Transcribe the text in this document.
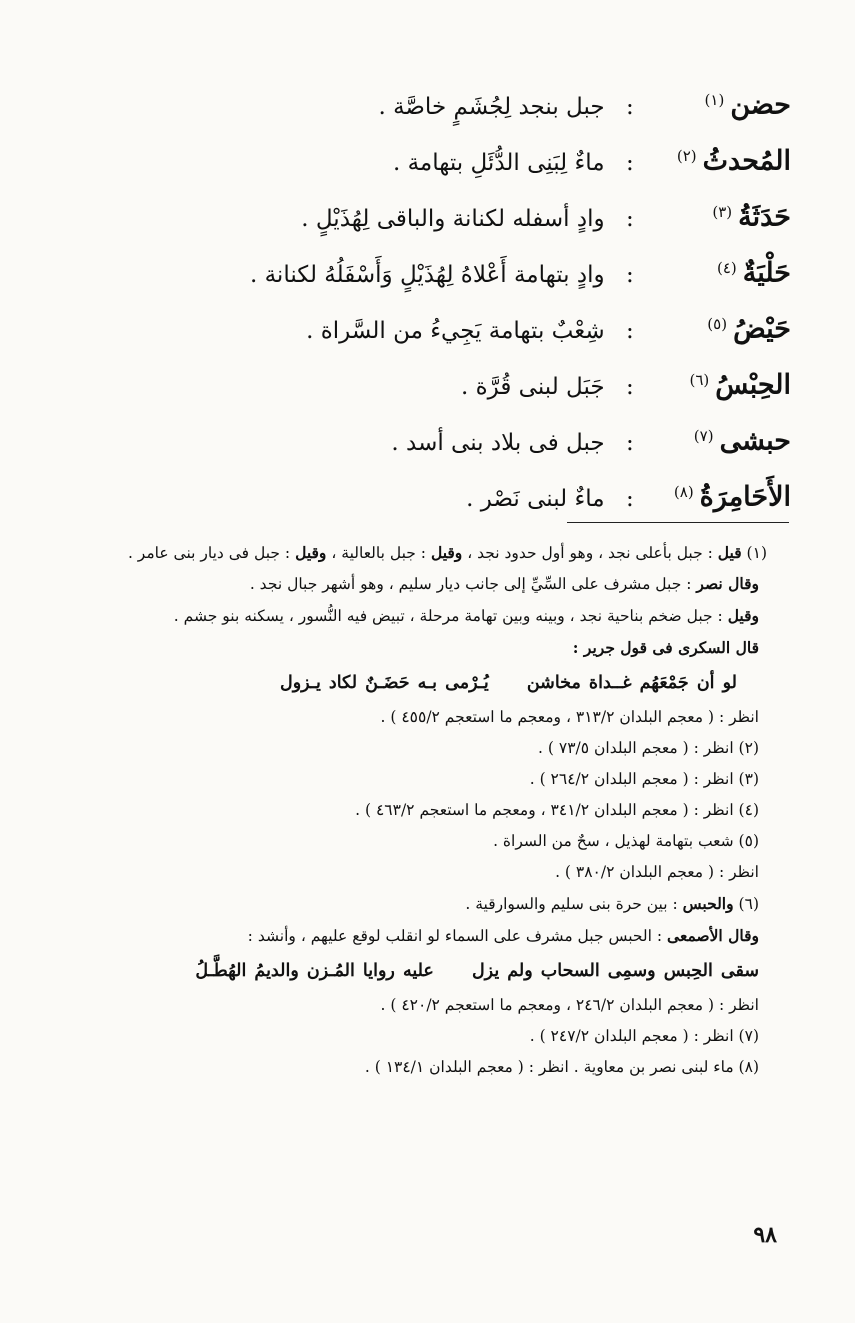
حضن$^{(١)}$ : جبل بنجد لِجُشَمٍ خاصَّة .
المُحدثُ$^{(٢)}$ : ماءٌ لِبَنِى الدُّئَلِ بتهامة .
حَدَثَةُ$^{(٣)}$ : وادٍ أسفله لكنانة والباقى لِهُذَيْلٍ .
حَلْيَةٌ$^{(٤)}$ : وادٍ بتهامة أَعْلاهُ لِهُذَيْلٍ وَأَسْفَلُهُ لكنانة .
حَيْضُ$^{(٥)}$ : شِعْبٌ بتهامة يَجِيءُ من السَّراة .
الحِبْسُ$^{(٦)}$ : جَبَل لبنى قُرَّة .
حبشى$^{(٧)}$ : جبل فى بلاد بنى أسد .
الأَحَامِرَةُ$^{(٨)}$ : ماءٌ لبنى نَصْر .
(١) قيل : جبل بأعلى نجد ، وهو أول حدود نجد ، وقيل : جبل بالعالية ، وقيل : جبل فى ديار بنى عامر .
وقال نصر : جبل مشرف على السِّيِّ إلى جانب ديار سليم ، وهو أشهر جبال نجد .
وقيل : جبل ضخم بناحية نجد ، وبينه وبين تهامة مرحلة ، تبيض فيه النُّسور ، يسكنه بنو جشم .
قال السكرى فى قول جرير :
لو أن جَمْعَهُم غــداة مخاشن يُـرْمى بـه حَضَـنٌ لكاد يـزول
انظر : ( معجم البلدان ٣١٣/٢ ، ومعجم ما استعجم ٤٥٥/٢ ) .
(٢) انظر : ( معجم البلدان ٧٣/٥ ) .
(٣) انظر : ( معجم البلدان ٢٦٤/٢ ) .
(٤) انظر : ( معجم البلدان ٣٤١/٢ ، ومعجم ما استعجم ٤٦٣/٢ ) .
(٥) شعب بتهامة لهذيل ، سحٌ من السراة .
انظر : ( معجم البلدان ٣٨٠/٢ ) .
(٦) والحبس : بين حرة بنى سليم والسوارقية .
وقال الأصمعى : الحبس جبل مشرف على السماء لو انقلب لوقع عليهم ، وأنشد :
سقى الحِبس وسمِى السحاب ولم يزل عليه روايا المُـزن والديمُ الهُطَّـلُ
انظر : ( معجم البلدان ٢٤٦/٢ ، ومعجم ما استعجم ٤٢٠/٢ ) .
(٧) انظر : ( معجم البلدان ٢٤٧/٢ ) .
(٨) ماء لبنى نصر بن معاوية . انظر : ( معجم البلدان ١٣٤/١ ) .
٩٨
